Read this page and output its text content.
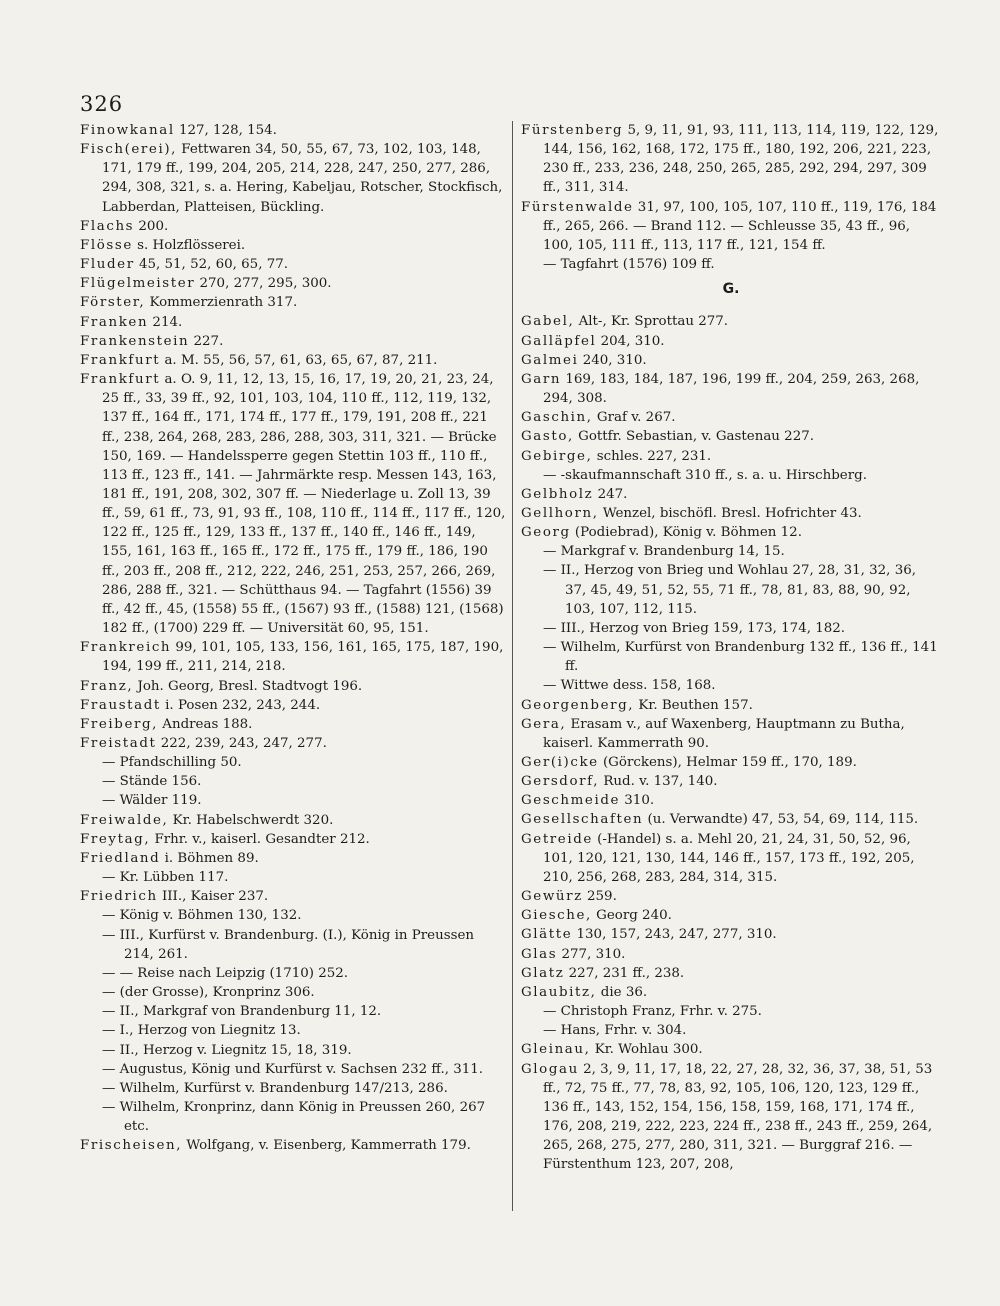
326
Finowkanal 127, 128, 154.
Fisch(erei), Fettwaren 34, 50, 55, 67, 73, 102, 103, 148, 171, 179 ff., 199, 204, 205, 214, 228, 247, 250, 277, 286, 294, 308, 321, s. a. Hering, Kabeljau, Rotscher, Stockfisch, Labberdan, Platteisen, Bückling.
Flachs 200.
Flösse s. Holzflösserei.
Fluder 45, 51, 52, 60, 65, 77.
Flügelmeister 270, 277, 295, 300.
Förster, Kommerzienrath 317.
Franken 214.
Frankenstein 227.
Frankfurt a. M. 55, 56, 57, 61, 63, 65, 67, 87, 211.
Frankfurt a. O. 9, 11, 12, 13, 15, 16, 17, 19, 20, 21, 23, 24, 25 ff., 33, 39 ff., 92, 101, 103, 104, 110 ff., 112, 119, 132, 137 ff., 164 ff., 171, 174 ff., 177 ff., 179, 191, 208 ff., 221 ff., 238, 264, 268, 283, 286, 288, 303, 311, 321. — Brücke 150, 169. — Handelssperre gegen Stettin 103 ff., 110 ff., 113 ff., 123 ff., 141. — Jahrmärkte resp. Messen 143, 163, 181 ff., 191, 208, 302, 307 ff. — Niederlage u. Zoll 13, 39 ff., 59, 61 ff., 73, 91, 93 ff., 108, 110 ff., 114 ff., 117 ff., 120, 122 ff., 125 ff., 129, 133 ff., 137 ff., 140 ff., 146 ff., 149, 155, 161, 163 ff., 165 ff., 172 ff., 175 ff., 179 ff., 186, 190 ff., 203 ff., 208 ff., 212, 222, 246, 251, 253, 257, 266, 269, 286, 288 ff., 321. — Schütthaus 94. — Tagfahrt (1556) 39 ff., 42 ff., 45, (1558) 55 ff., (1567) 93 ff., (1588) 121, (1568) 182 ff., (1700) 229 ff. — Universität 60, 95, 151.
Frankreich 99, 101, 105, 133, 156, 161, 165, 175, 187, 190, 194, 199 ff., 211, 214, 218.
Franz, Joh. Georg, Bresl. Stadtvogt 196.
Fraustadt i. Posen 232, 243, 244.
Freiberg, Andreas 188.
Freistadt 222, 239, 243, 247, 277.
— Pfandschilling 50.
— Stände 156.
— Wälder 119.
Freiwalde, Kr. Habelschwerdt 320.
Freytag, Frhr. v., kaiserl. Gesandter 212.
Friedland i. Böhmen 89.
— Kr. Lübben 117.
Friedrich III., Kaiser 237.
— König v. Böhmen 130, 132.
— III., Kurfürst v. Brandenburg. (I.), König in Preussen 214, 261.
— — Reise nach Leipzig (1710) 252.
— (der Grosse), Kronprinz 306.
— II., Markgraf von Brandenburg 11, 12.
— I., Herzog von Liegnitz 13.
— II., Herzog v. Liegnitz 15, 18, 319.
— Augustus, König und Kurfürst v. Sachsen 232 ff., 311.
— Wilhelm, Kurfürst v. Brandenburg 147/213, 286.
— Wilhelm, Kronprinz, dann König in Preussen 260, 267 etc.
Frischeisen, Wolfgang, v. Eisenberg, Kammerrath 179.
Fürstenberg 5, 9, 11, 91, 93, 111, 113, 114, 119, 122, 129, 144, 156, 162, 168, 172, 175 ff., 180, 192, 206, 221, 223, 230 ff., 233, 236, 248, 250, 265, 285, 292, 294, 297, 309 ff., 311, 314.
Fürstenwalde 31, 97, 100, 105, 107, 110 ff., 119, 176, 184 ff., 265, 266. — Brand 112. — Schleusse 35, 43 ff., 96, 100, 105, 111 ff., 113, 117 ff., 121, 154 ff.
— Tagfahrt (1576) 109 ff.
G.
Gabel, Alt-, Kr. Sprottau 277.
Galläpfel 204, 310.
Galmei 240, 310.
Garn 169, 183, 184, 187, 196, 199 ff., 204, 259, 263, 268, 294, 308.
Gaschin, Graf v. 267.
Gasto, Gottfr. Sebastian, v. Gastenau 227.
Gebirge, schles. 227, 231.
— -skaufmannschaft 310 ff., s. a. u. Hirschberg.
Gelbholz 247.
Gellhorn, Wenzel, bischöfl. Bresl. Hofrichter 43.
Georg (Podiebrad), König v. Böhmen 12.
— Markgraf v. Brandenburg 14, 15.
— II., Herzog von Brieg und Wohlau 27, 28, 31, 32, 36, 37, 45, 49, 51, 52, 55, 71 ff., 78, 81, 83, 88, 90, 92, 103, 107, 112, 115.
— III., Herzog von Brieg 159, 173, 174, 182.
— Wilhelm, Kurfürst von Brandenburg 132 ff., 136 ff., 141 ff.
— Wittwe dess. 158, 168.
Georgenberg, Kr. Beuthen 157.
Gera, Erasam v., auf Waxenberg, Hauptmann zu Butha, kaiserl. Kammerrath 90.
Ger(i)cke (Görckens), Helmar 159 ff., 170, 189.
Gersdorf, Rud. v. 137, 140.
Geschmeide 310.
Gesellschaften (u. Verwandte) 47, 53, 54, 69, 114, 115.
Getreide (-Handel) s. a. Mehl 20, 21, 24, 31, 50, 52, 96, 101, 120, 121, 130, 144, 146 ff., 157, 173 ff., 192, 205, 210, 256, 268, 283, 284, 314, 315.
Gewürz 259.
Giesche, Georg 240.
Glätte 130, 157, 243, 247, 277, 310.
Glas 277, 310.
Glatz 227, 231 ff., 238.
Glaubitz, die 36.
— Christoph Franz, Frhr. v. 275.
— Hans, Frhr. v. 304.
Gleinau, Kr. Wohlau 300.
Glogau 2, 3, 9, 11, 17, 18, 22, 27, 28, 32, 36, 37, 38, 51, 53 ff., 72, 75 ff., 77, 78, 83, 92, 105, 106, 120, 123, 129 ff., 136 ff., 143, 152, 154, 156, 158, 159, 168, 171, 174 ff., 176, 208, 219, 222, 223, 224 ff., 238 ff., 243 ff., 259, 264, 265, 268, 275, 277, 280, 311, 321. — Burggraf 216. — Fürstenthum 123, 207, 208,
